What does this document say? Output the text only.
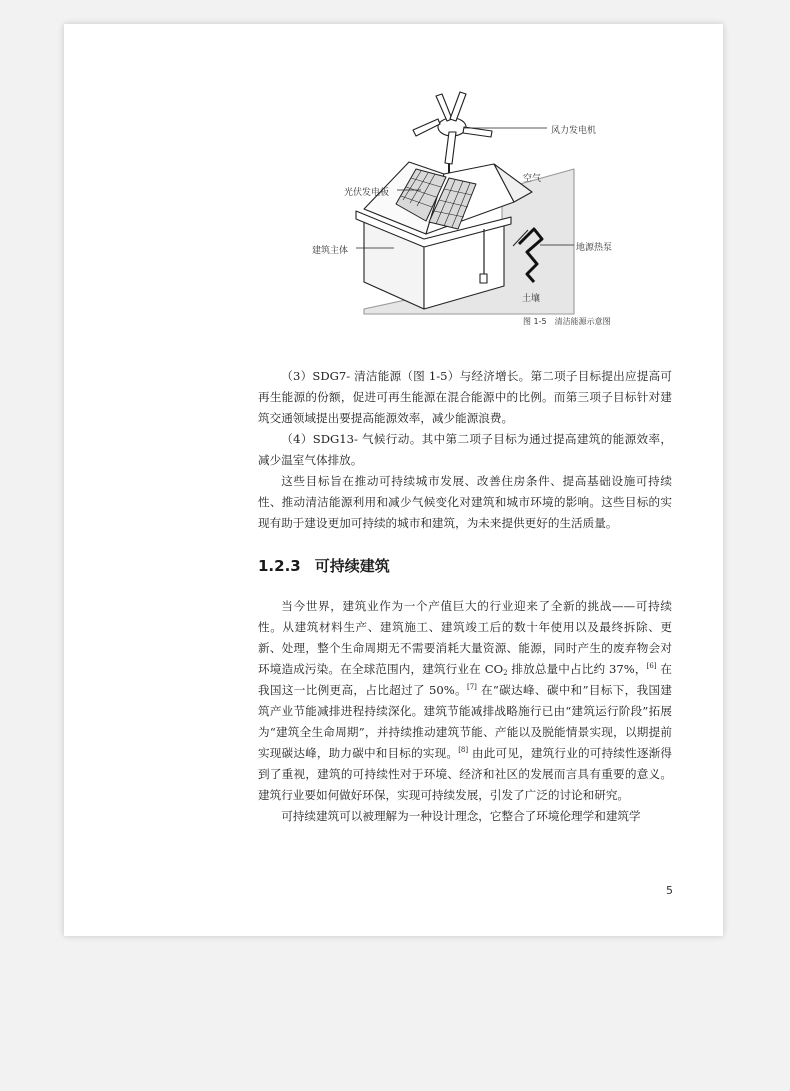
风力发电机
空气
光伏发电板
建筑主体	地源热泵
土壤
图 1-5　清洁能源示意图

（3）SDG7- 清洁能源（图 1-5）与经济增长。第二项子目标提出应提高可再生能源的份额，促进可再生能源在混合能源中的比例。而第三项子目标针对建筑交通领域提出要提高能源效率，减少能源浪费。

（4）SDG13- 气候行动。其中第二项子目标为通过提高建筑的能源效率，减少温室气体排放。

这些目标旨在推动可持续城市发展、改善住房条件、提高基础设施可持续性、推动清洁能源利用和减少气候变化对建筑和城市环境的影响。这些目标的实现有助于建设更加可持续的城市和建筑，为未来提供更好的生活质量。

1.2.3 可持续建筑

当今世界，建筑业作为一个产值巨大的行业迎来了全新的挑战——可持续性。从建筑材料生产、建筑施工、建筑竣工后的数十年使用以及最终拆除、更新、处理，整个生命周期无不需要消耗大量资源、能源，同时产生的废弃物会对环境造成污染。在全球范围内，建筑行业在 $CO_2$ 排放总量中占比约 37%，[6] 在我国这一比例更高，占比超过了 50%。[7] 在“碳达峰、碳中和”目标下，我国建筑产业节能减排进程持续深化。建筑节能减排战略施行已由“建筑运行阶段”拓展为“建筑全生命周期”，并持续推动建筑节能、产能以及脱能情景实现，以期提前实现碳达峰，助力碳中和目标的实现。[8] 由此可见，建筑行业的可持续性逐渐得到了重视，建筑的可持续性对于环境、经济和社区的发展而言具有重要的意义。建筑行业要如何做好环保，实现可持续发展，引发了广泛的讨论和研究。

可持续建筑可以被理解为一种设计理念，它整合了环境伦理学和建筑学

5
